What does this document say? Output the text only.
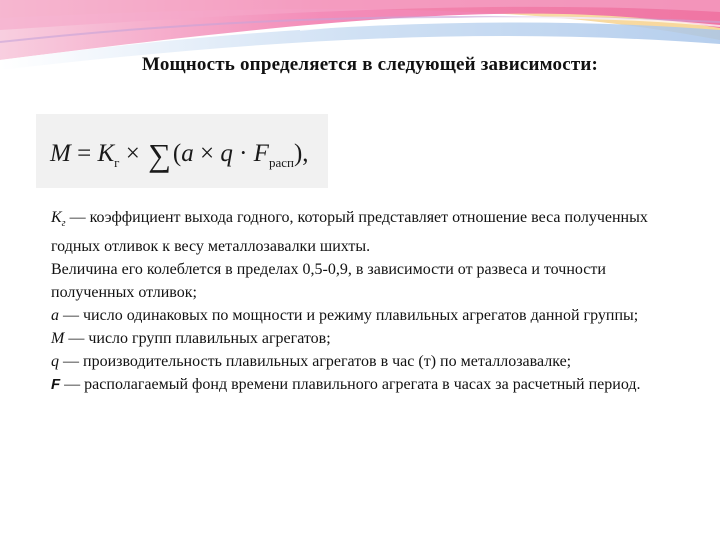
Мощность определяется в следующей зависимости:
$M = K_г \times \sum(a \times q \cdot F_{расп})$,

$K_г$ — коэффициент выхода годного, который представляет отношение веса полученных годных отливок к весу металлозавалки шихты.

Величина его колеблется в пределах 0,5-0,9, в зависимости от развеса и точности полученных отливок;

a — число одинаковых по мощности и режиму плавильных агрегатов данной группы;

M — число групп плавильных агрегатов;

q — производительность плавильных агрегатов в час (т) по металлозавалке;

F — располагаемый фонд времени плавильного агрегата в часах за расчетный период.
